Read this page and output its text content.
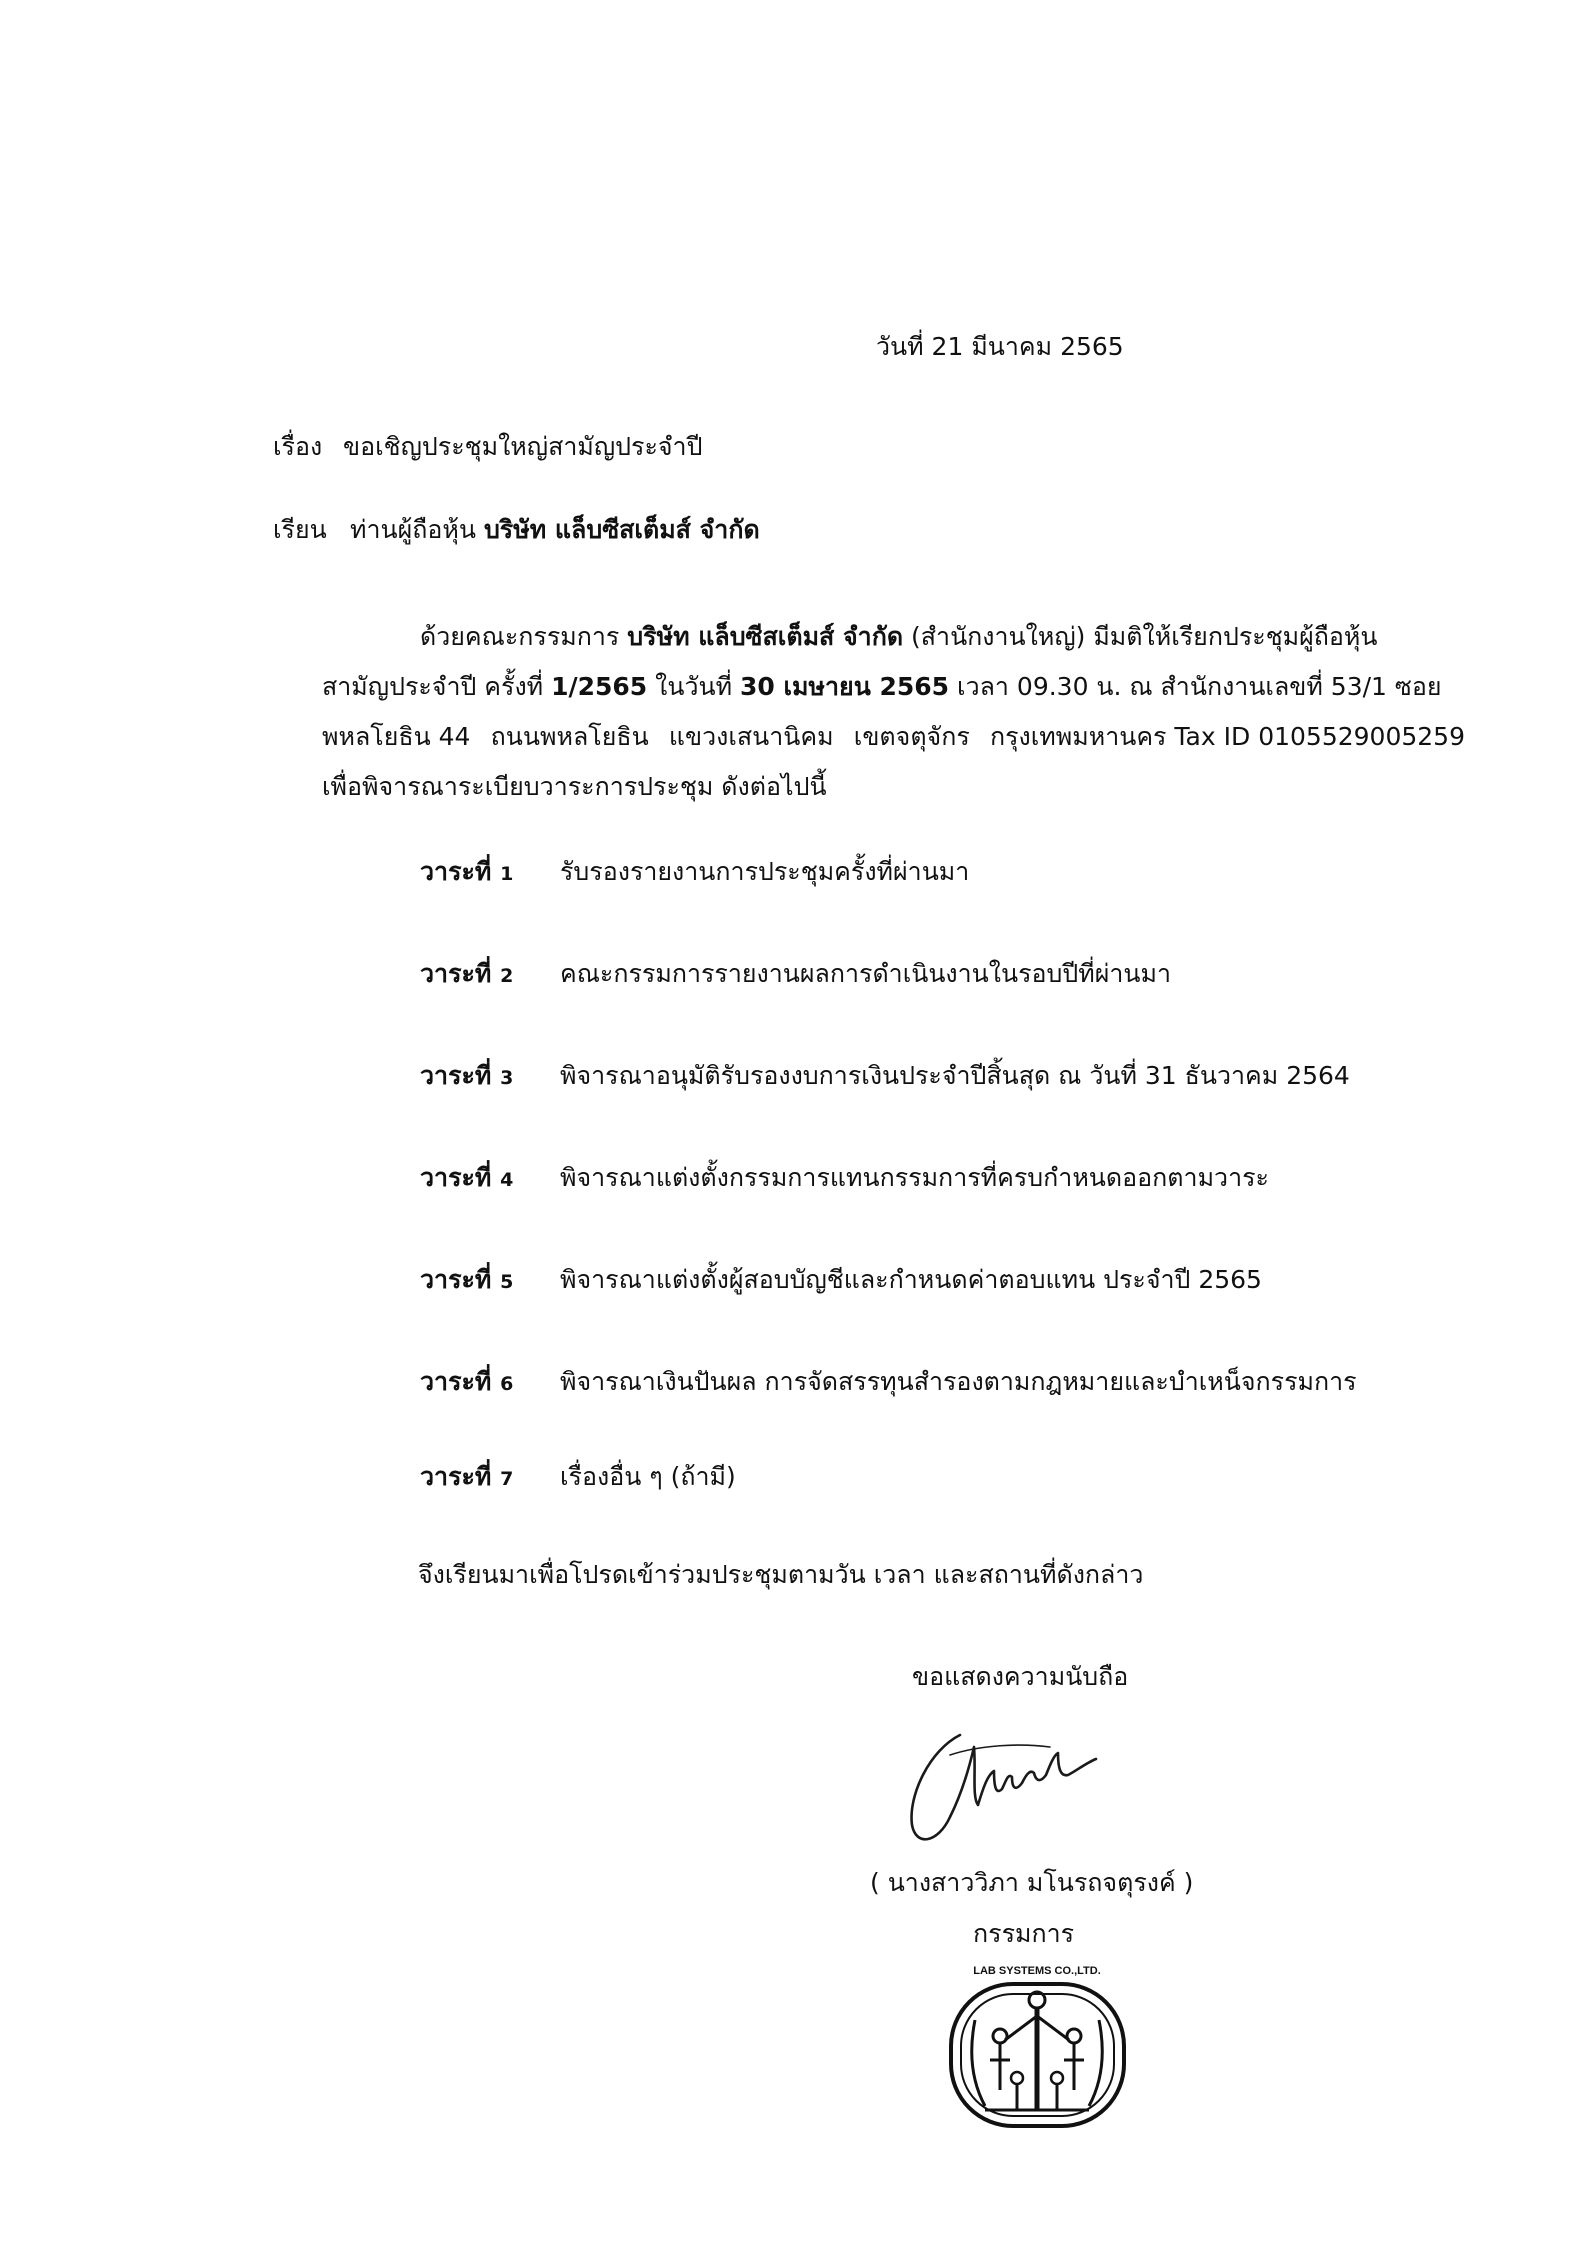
วันที่ 21 มีนาคม 2565
เรื่อง ขอเชิญประชุมใหญ่สามัญประจำปี
เรียน ท่านผู้ถือหุ้น บริษัท แล็บซีสเต็มส์ จำกัด
ด้วยคณะกรรมการ บริษัท แล็บซีสเต็มส์ จำกัด (สำนักงานใหญ่) มีมติให้เรียกประชุมผู้ถือหุ้น
สามัญประจำปี ครั้งที่ 1/2565 ในวันที่ 30 เมษายน 2565 เวลา 09.30 น. ณ สำนักงานเลขที่ 53/1 ซอย
พหลโยธิน 44 ถนนพหลโยธิน แขวงเสนานิคม เขตจตุจักร กรุงเทพมหานคร Tax ID 0105529005259
เพื่อพิจารณาระเบียบวาระการประชุม ดังต่อไปนี้
วาระที่ 1 รับรองรายงานการประชุมครั้งที่ผ่านมา
วาระที่ 2 คณะกรรมการรายงานผลการดำเนินงานในรอบปีที่ผ่านมา
วาระที่ 3 พิจารณาอนุมัติรับรองงบการเงินประจำปีสิ้นสุด ณ วันที่ 31 ธันวาคม 2564
วาระที่ 4 พิจารณาแต่งตั้งกรรมการแทนกรรมการที่ครบกำหนดออกตามวาระ
วาระที่ 5 พิจารณาแต่งตั้งผู้สอบบัญชีและกำหนดค่าตอบแทน ประจำปี 2565
วาระที่ 6 พิจารณาเงินปันผล การจัดสรรทุนสำรองตามกฎหมายและบำเหน็จกรรมการ
วาระที่ 7 เรื่องอื่น ๆ (ถ้ามี)
จึงเรียนมาเพื่อโปรดเข้าร่วมประชุมตามวัน เวลา และสถานที่ดังกล่าว
ขอแสดงความนับถือ
( นางสาววิภา มโนรถจตุรงค์ )
กรรมการ
LAB SYSTEMS CO.,LTD.
